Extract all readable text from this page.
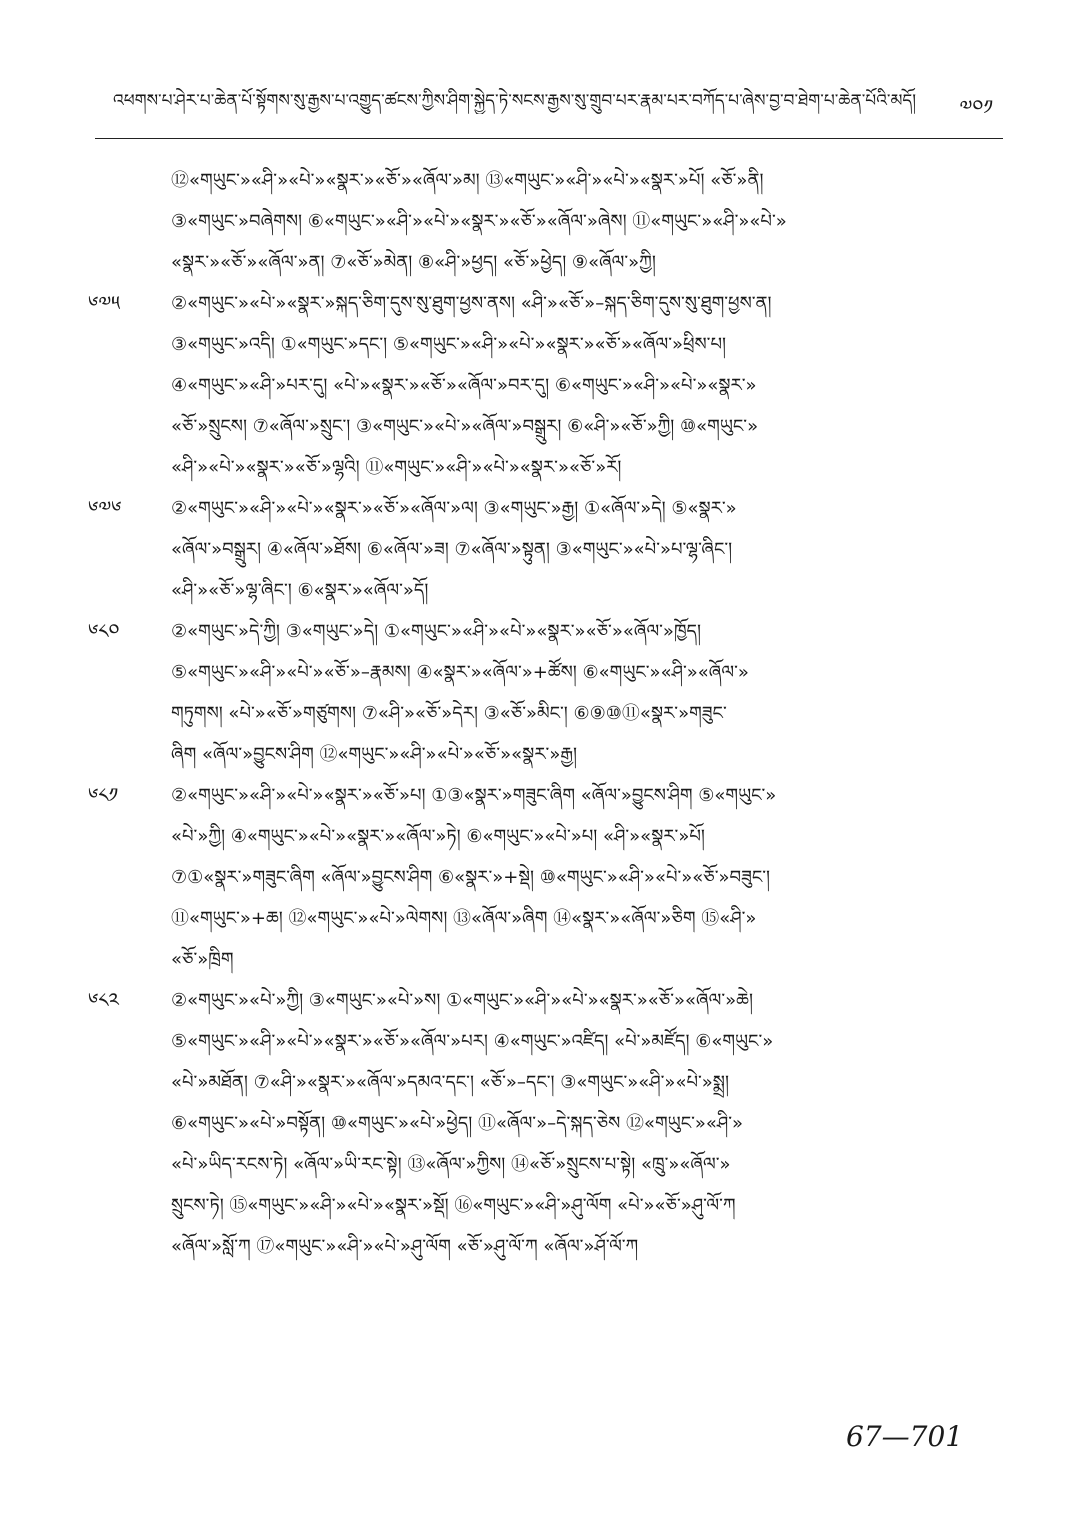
འཕགས་པ་ཤེར་པ་ཆེན་པོ་སྟོགས་སུ་རྒྱས་པ་འགྱུད་ཚངས་ཀྱིས་ཤིག་སྐྱེད་ཏེ་སངས་རྒྱས་སུ་གྲུབ་པར་རྣམ་པར་བཀོད་པ་ཞེས་བྱ་བ་ཐེག་པ་ཆེན་པོའི་མདོ། ༧༠༡
⑫«གཡུང་»«ཤི་»«པེ་»«སྣར་»«ཅོ་»«ཞོལ་»མ། ⑬«གཡུང་»«ཤི་»«པེ་»«སྣར་»པོ། «ཅོ་»ནི།
③«གཡུང་»བཞེགས། ⑥«གཡུང་»«ཤི་»«པེ་»«སྣར་»«ཅོ་»«ཞོལ་»ཞེས། ⑪«གཡུང་»«ཤི་»«པེ་»
«སྣར་»«ཅོ་»«ཞོལ་»ན། ⑦«ཅོ་»མེན། ⑧«ཤི་»ཕྱད། «ཅོ་»ཕྱེད། ⑨«ཞོལ་»ཀྱི།
༦༧༥	②«གཡུང་»«པེ་»«སྣར་»སྐད་ཅིག་དུས་སུ་ཐུག་ཕྱས་ནས། «ཤི་»«ཅོ་»–སྐད་ཅིག་དུས་སུ་ཐུག་ཕྱས་ན།
③«གཡུང་»འདི། ①«གཡུང་»དང་། ⑤«གཡུང་»«ཤི་»«པེ་»«སྣར་»«ཅོ་»«ཞོལ་»ཕྲིས་པ།
④«གཡུང་»«ཤི་»པར་དུ། «པེ་»«སྣར་»«ཅོ་»«ཞོལ་»བར་དུ། ⑥«གཡུང་»«ཤི་»«པེ་»«སྣར་»
«ཅོ་»སྲུངས། ⑦«ཞོལ་»སྲུང་། ③«གཡུང་»«པེ་»«ཞོལ་»བསྒྲུར། ⑥«ཤི་»«ཅོ་»ཀྱི། ⑩«གཡུང་»
«ཤི་»«པེ་»«སྣར་»«ཅོ་»ལྷའི། ⑪«གཡུང་»«ཤི་»«པེ་»«སྣར་»«ཅོ་»རོ།
༦༧༦	②«གཡུང་»«ཤི་»«པེ་»«སྣར་»«ཅོ་»«ཞོལ་»ལ། ③«གཡུང་»རྒྱ། ①«ཞོལ་»དེ། ⑤«སྣར་»
«ཞོལ་»བསྒྲུར། ④«ཞོལ་»ཐོས། ⑥«ཞོལ་»ཟ། ⑦«ཞོལ་»སྟུན། ③«གཡུང་»«པེ་»པ་ལྷ་ཞིང་།
«ཤི་»«ཅོ་»ལྷ་ཞིང་། ⑥«སྣར་»«ཞོལ་»དོ།
༦༨༠	②«གཡུང་»དེ་ཀྱི། ③«གཡུང་»དེ། ①«གཡུང་»«ཤི་»«པེ་»«སྣར་»«ཅོ་»«ཞོལ་»ཁྱོད།
⑤«གཡུང་»«ཤི་»«པེ་»«ཅོ་»–རྣམས། ④«སྣར་»«ཞོལ་»+ཚོས། ⑥«གཡུང་»«ཤི་»«ཞོལ་»
གཏུགས། «པེ་»«ཅོ་»གཙུགས། ⑦«ཤི་»«ཅོ་»དེར། ③«ཅོ་»མིང་། ⑥⑨⑩⑪«སྣར་»གཟུང་
ཞིག «ཞོལ་»བྱུངས་ཤིག ⑫«གཡུང་»«ཤི་»«པེ་»«ཅོ་»«སྣར་»རྒྱ།
༦༨༡	②«གཡུང་»«ཤི་»«པེ་»«སྣར་»«ཅོ་»པ། ①③«སྣར་»གཟུང་ཞིག «ཞོལ་»བྱུངས་ཤིག ⑤«གཡུང་»
«པེ་»ཀྱི། ④«གཡུང་»«པེ་»«སྣར་»«ཞོལ་»ཏེ། ⑥«གཡུང་»«པེ་»པ། «ཤི་»«སྣར་»པོ།
⑦①«སྣར་»གཟུང་ཞིག «ཞོལ་»བྱུངས་ཤིག ⑥«སྣར་»+སྡེ། ⑩«གཡུང་»«ཤི་»«པེ་»«ཅོ་»བཟུང་།
⑪«གཡུང་»+ཆ། ⑫«གཡུང་»«པེ་»ལེགས། ⑬«ཞོལ་»ཞིག ⑭«སྣར་»«ཞོལ་»ཅིག ⑮«ཤི་»
«ཅོ་»ཁྲིག
༦༨༢	②«གཡུང་»«པེ་»ཀྱི། ③«གཡུང་»«པེ་»ས། ①«གཡུང་»«ཤི་»«པེ་»«སྣར་»«ཅོ་»«ཞོལ་»ཆེ།
⑤«གཡུང་»«ཤི་»«པེ་»«སྣར་»«ཅོ་»«ཞོལ་»པར། ④«གཡུང་»འཛིད། «པེ་»མཛོད། ⑥«གཡུང་»
«པེ་»མཐོན། ⑦«ཤི་»«སྣར་»«ཞོལ་»དམའ་དང་། «ཅོ་»–དང་། ③«གཡུང་»«ཤི་»«པེ་»སྨྲ།
⑥«གཡུང་»«པེ་»བསྟོན། ⑩«གཡུང་»«པེ་»ཕྱེད། ⑪«ཞོལ་»–དེ་སྐད་ཅེས ⑫«གཡུང་»«ཤི་»
«པེ་»ཡིད་རངས་ཏེ། «ཞོལ་»ཡི་རང་སྟེ། ⑬«ཞོལ་»ཀྱིས། ⑭«ཅོ་»སྲུངས་པ་སྟེ། «ཁྲུ་»«ཞོལ་»
སྲུངས་ཏེ། ⑮«གཡུང་»«ཤི་»«པེ་»«སྣར་»སྡོ། ⑯«གཡུང་»«ཤི་»ཤུ་ལོག «པེ་»«ཅོ་»ཤུ་ལོ་ཀ
«ཞོལ་»སློ་ཀ ⑰«གཡུང་»«ཤི་»«པེ་»ཤུ་ལོག «ཅོ་»ཤུ་ལོ་ཀ «ཞོལ་»ཤོ་ལོ་ཀ
67—701
